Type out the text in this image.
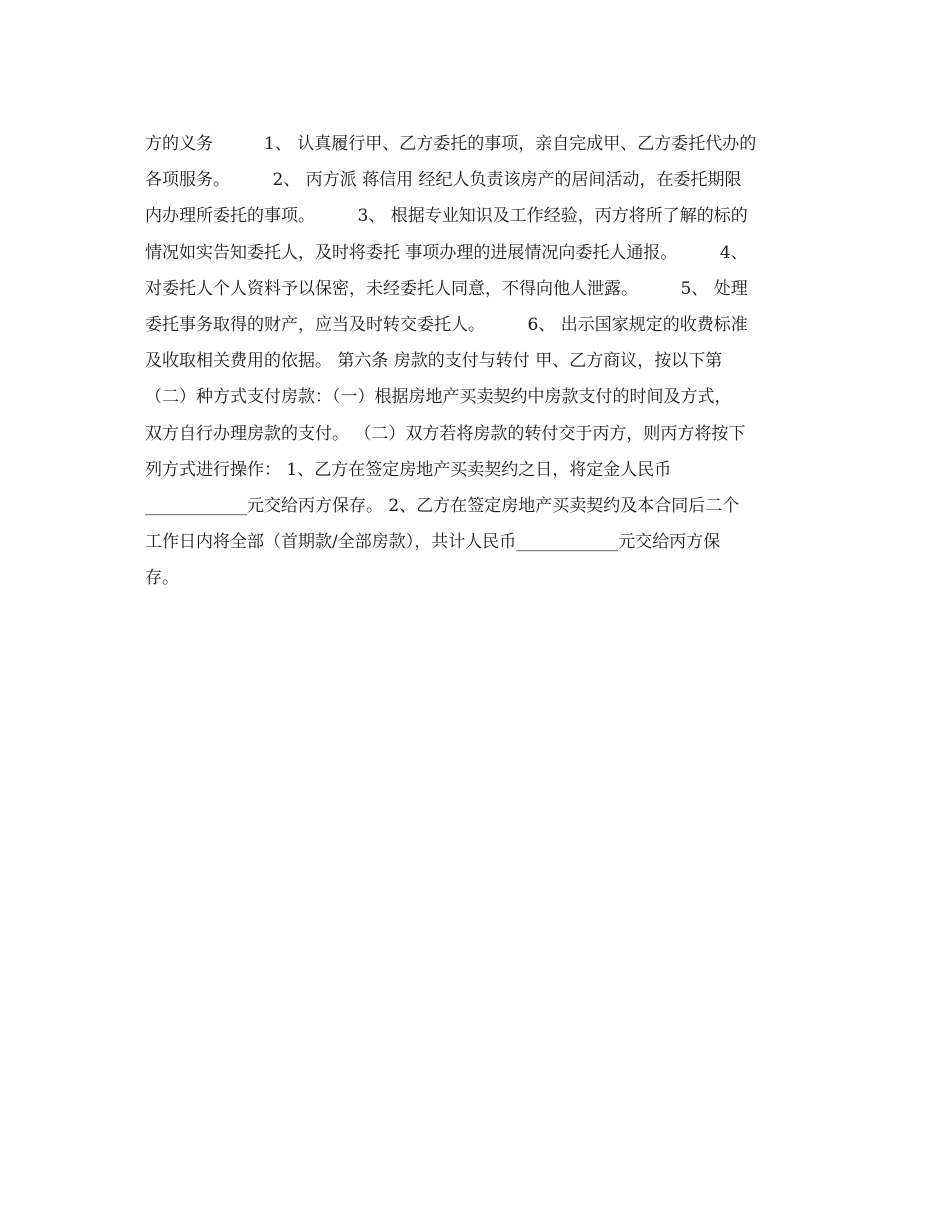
方的义务　　　1、 认真履行甲、乙方委托的事项，亲自完成甲、乙方委托代办的
各项服务。　　　2、 丙方派 蒋信用 经纪人负责该房产的居间活动，在委托期限
内办理所委托的事项。　　　3、 根据专业知识及工作经验，丙方将所了解的标的
情况如实告知委托人，及时将委托 事项办理的进展情况向委托人通报。　　　4、
对委托人个人资料予以保密，未经委托人同意，不得向他人泄露。　　　5、 处理
委托事务取得的财产，应当及时转交委托人。　　　6、 出示国家规定的收费标准
及收取相关费用的依据。 第六条 房款的支付与转付 甲、乙方商议，按以下第
（二）种方式支付房款：（一）根据房地产买卖契约中房款支付的时间及方式，
双方自行办理房款的支付。 （二）双方若将房款的转付交于丙方，则丙方将按下
列方式进行操作： 1、乙方在签定房地产买卖契约之日，将定金人民币
____________元交给丙方保存。 2、乙方在签定房地产买卖契约及本合同后二个
工作日内将全部（首期款/全部房款），共计人民币____________元交给丙方保
存。
